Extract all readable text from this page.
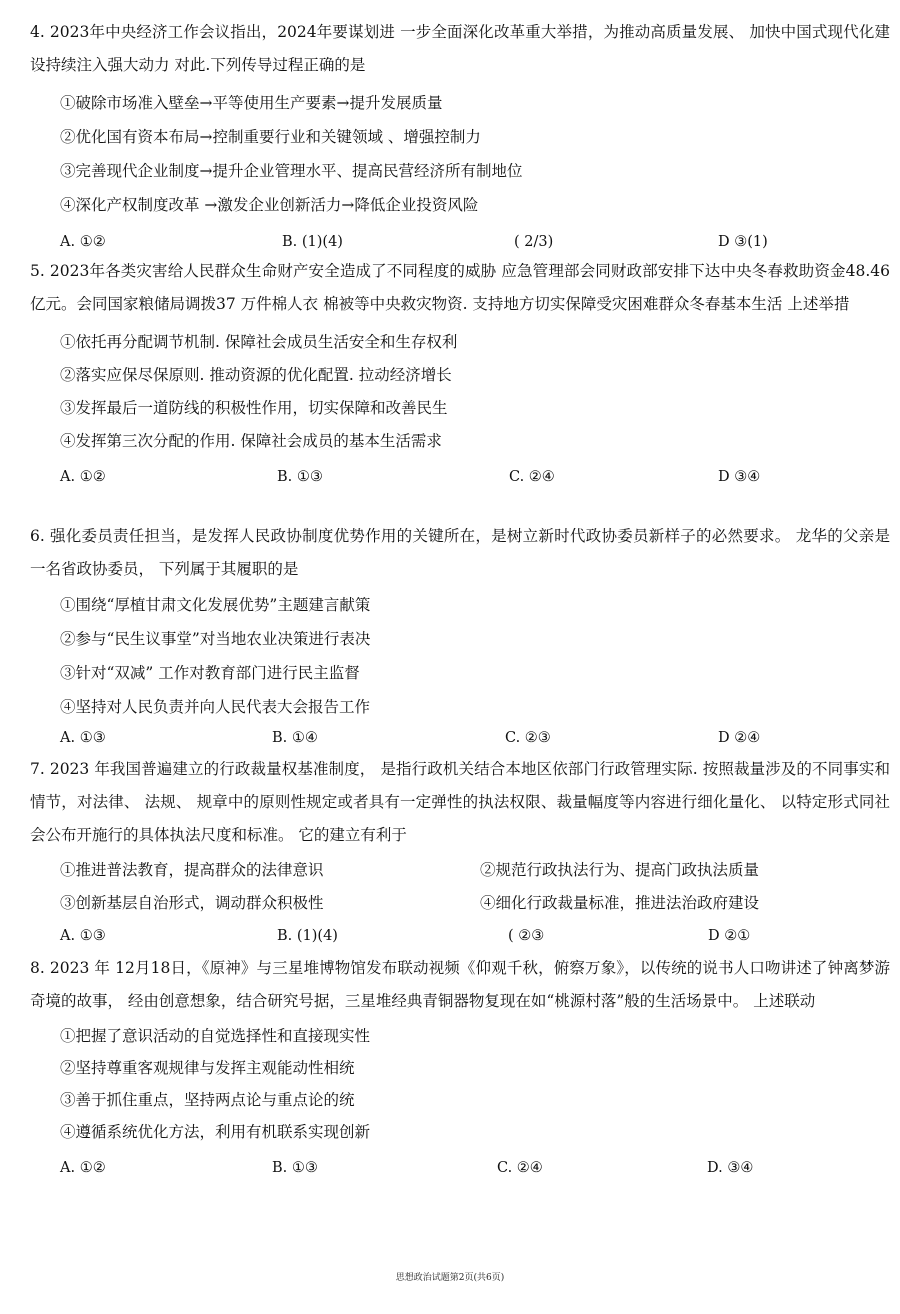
4. 2023年中央经济工作会议指出，2024年要谋划进 一步全面深化改革重大举措，为推动高质量发展、 加快中国式现代化建设持续注入强大动力 对此.下列传导过程正确的是

①破除市场准入壁垒→平等使用生产要素→提升发展质量
②优化国有资本布局→控制重要行业和关键领域 、增强控制力
③完善现代企业制度→提升企业管理水平、提高民营经济所有制地位
④深化产权制度改革 →激发企业创新活力→降低企业投资风险
A. ①②	B. (1)(4)	( 2/3)	D ③(1)

5. 2023年各类灾害给人民群众生命财产安全造成了不同程度的威胁 应急管理部会同财政部安排下达中央冬春救助资金48.46 亿元。会同国家粮储局调拨37 万件棉人衣 棉被等中央救灾物资. 支持地方切实保障受灾困难群众冬春基本生活 上述举措

①依托再分配调节机制. 保障社会成员生活安全和生存权利
②落实应保尽保原则. 推动资源的优化配置. 拉动经济增长
③发挥最后一道防线的积极性作用，切实保障和改善民生
④发挥第三次分配的作用. 保障社会成员的基本生活需求
A. ①②	B. ①③	C. ②④	D ③④

6. 强化委员责任担当，是发挥人民政协制度优势作用的关键所在，是树立新时代政协委员新样子的必然要求。 龙华的父亲是一名省政协委员， 下列属于其履职的是

①围绕“厚植甘肃文化发展优势”主题建言献策
②参与“民生议事堂”对当地农业决策进行表决
③针对“双减” 工作对教育部门进行民主监督
④坚持对人民负责并向人民代表大会报告工作
A. ①③	B. ①④	C. ②③	D ②④

7. 2023 年我国普遍建立的行政裁量权基准制度， 是指行政机关结合本地区依部门行政管理实际. 按照裁量涉及的不同事实和情节，对法律、 法规、 规章中的原则性规定或者具有一定弹性的执法权限、裁量幅度等内容进行细化量化、 以特定形式同社会公布开施行的具体执法尺度和标准。 它的建立有利于

①推进普法教育，提高群众的法律意识	②规范行政执法行为、提高门政执法质量
③创新基层自治形式，调动群众积极性	④细化行政裁量标准，推进法治政府建设
A. ①③	B. (1)(4)	( ②③	D ②①

8. 2023 年 12月18日，《原神》与三星堆博物馆发布联动视频《仰观千秋，俯察万象》，以传统的说书人口吻讲述了钟离梦游奇境的故事， 经由创意想象，结合研究号据，三星堆经典青铜器物复现在如“桃源村落”般的生活场景中。 上述联动

①把握了意识活动的自觉选择性和直接现实性
②坚持尊重客观规律与发挥主观能动性相统
③善于抓住重点，坚持两点论与重点论的统
④遵循系统优化方法，利用有机联系实现创新
A. ①②	B. ①③	C. ②④	D. ③④
思想政治试题第2页(共6页)
